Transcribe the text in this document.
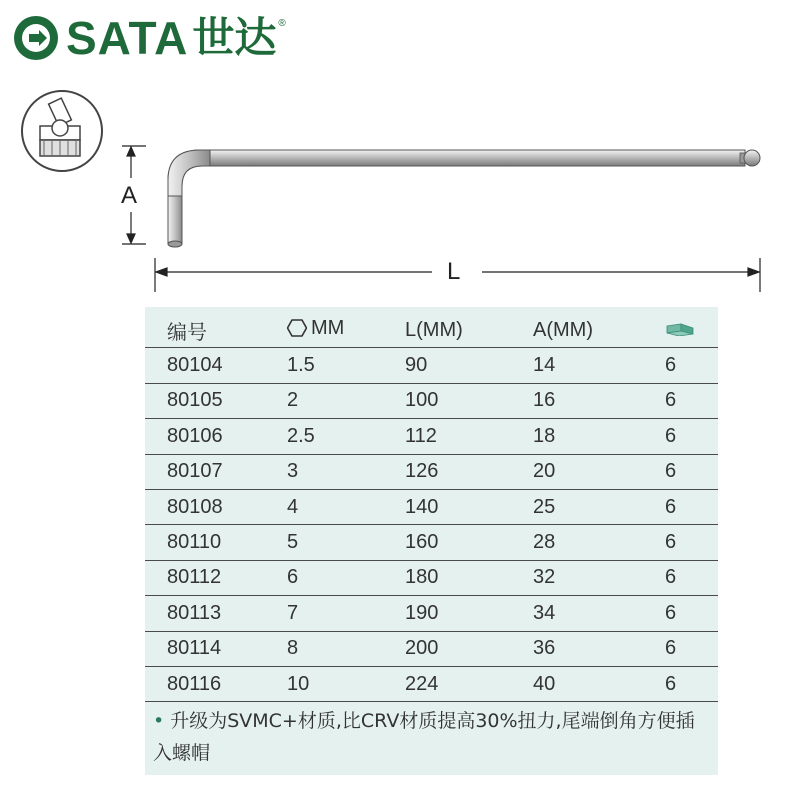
SATA 世达 ®
A
L
编号	MM	L(MM)	A(MM)	
80104	1.5	90	14	6
80105	2	100	16	6
80106	2.5	112	18	6
80107	3	126	20	6
80108	4	140	25	6
80110	5	160	28	6
80112	6	180	32	6
80113	7	190	34	6
80114	8	200	36	6
80116	10	224	40	6
• 升级为SVMC+材质,比CRV材质提高30%扭力,尾端倒角方便插入螺帽
